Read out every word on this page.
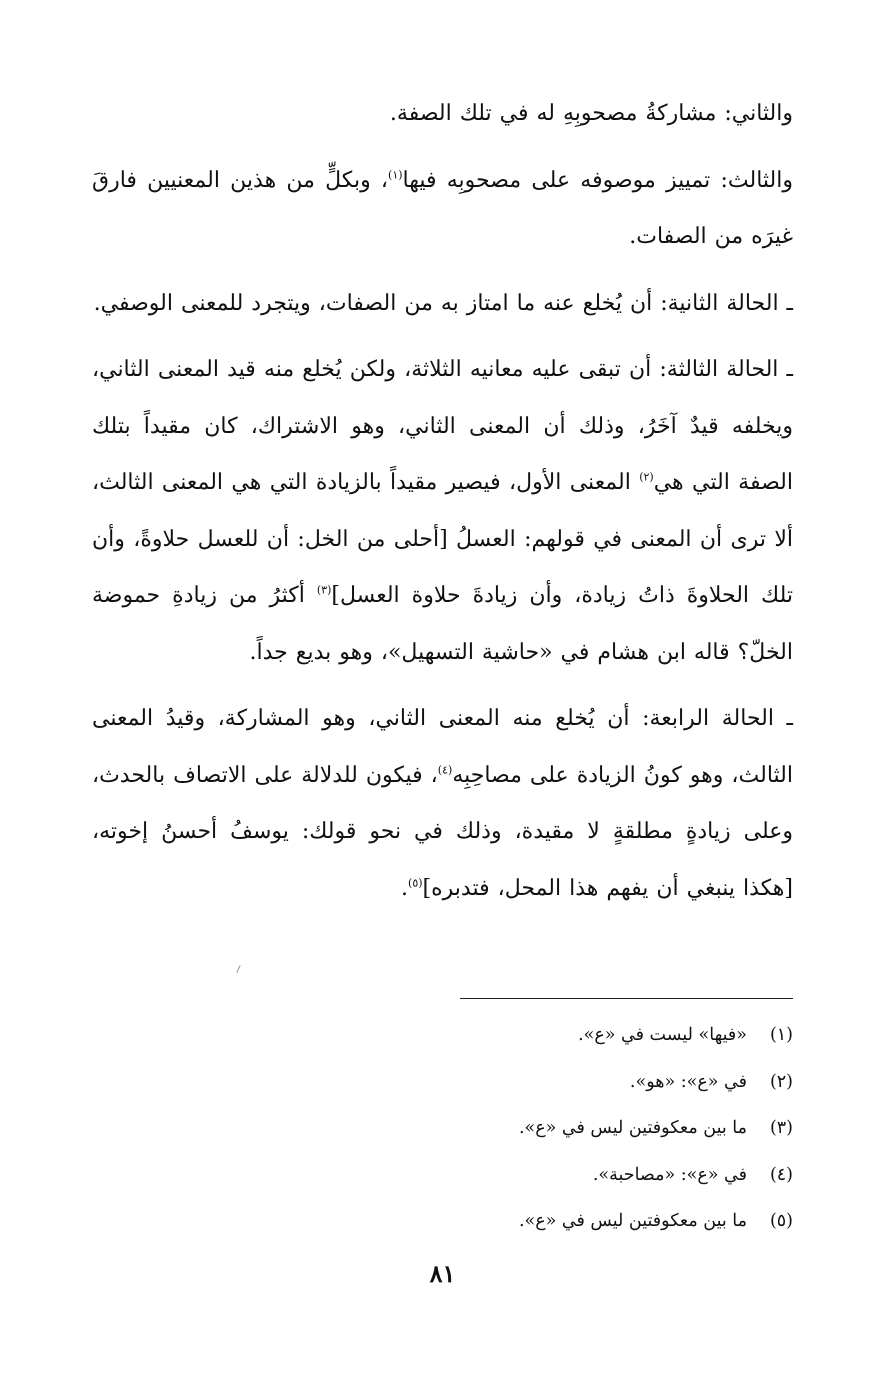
والثاني: مشاركةُ مصحوبِهِ له في تلك الصفة.

والثالث: تمييز موصوفه على مصحوبِه فيها$^{(١)}$، وبكلٍّ من هذين المعنيين فارقَ غيرَه من الصفات.

ـ الحالة الثانية: أن يُخلع عنه ما امتاز به من الصفات، ويتجرد للمعنى الوصفي.

ـ الحالة الثالثة: أن تبقى عليه معانيه الثلاثة، ولكن يُخلع منه قيد المعنى الثاني، ويخلفه قيدٌ آخَرُ، وذلك أن المعنى الثاني، وهو الاشتراك، كان مقيداً بتلك الصفة التي هي$^{(٢)}$ المعنى الأول، فيصير مقيداً بالزيادة التي هي المعنى الثالث، ألا ترى أن المعنى في قولهم: العسلُ [أحلى من الخل: أن للعسل حلاوةً، وأن تلك الحلاوةَ ذاتُ زيادة، وأن زيادةَ حلاوة العسل]$^{(٣)}$ أكثرُ من زيادةِ حموضة الخلّ؟ قاله ابن هشام في «حاشية التسهيل»، وهو بديع جداً.

ـ الحالة الرابعة: أن يُخلع منه المعنى الثاني، وهو المشاركة، وقيدُ المعنى الثالث، وهو كونُ الزيادة على مصاحِبِه$^{(٤)}$، فيكون للدلالة على الاتصاف بالحدث، وعلى زيادةٍ مطلقةٍ لا مقيدة، وذلك في نحو قولك: يوسفُ أحسنُ إخوته، [هكذا ينبغي أن يفهم هذا المحل، فتدبره]$^{(٥)}$.

(١)
«فيها» ليست في «ع».
(٢)
في «ع»: «هو».
(٣)
ما بين معكوفتين ليس في «ع».
(٤)
في «ع»: «مصاحبة».
(٥)
ما بين معكوفتين ليس في «ع».
٨١
